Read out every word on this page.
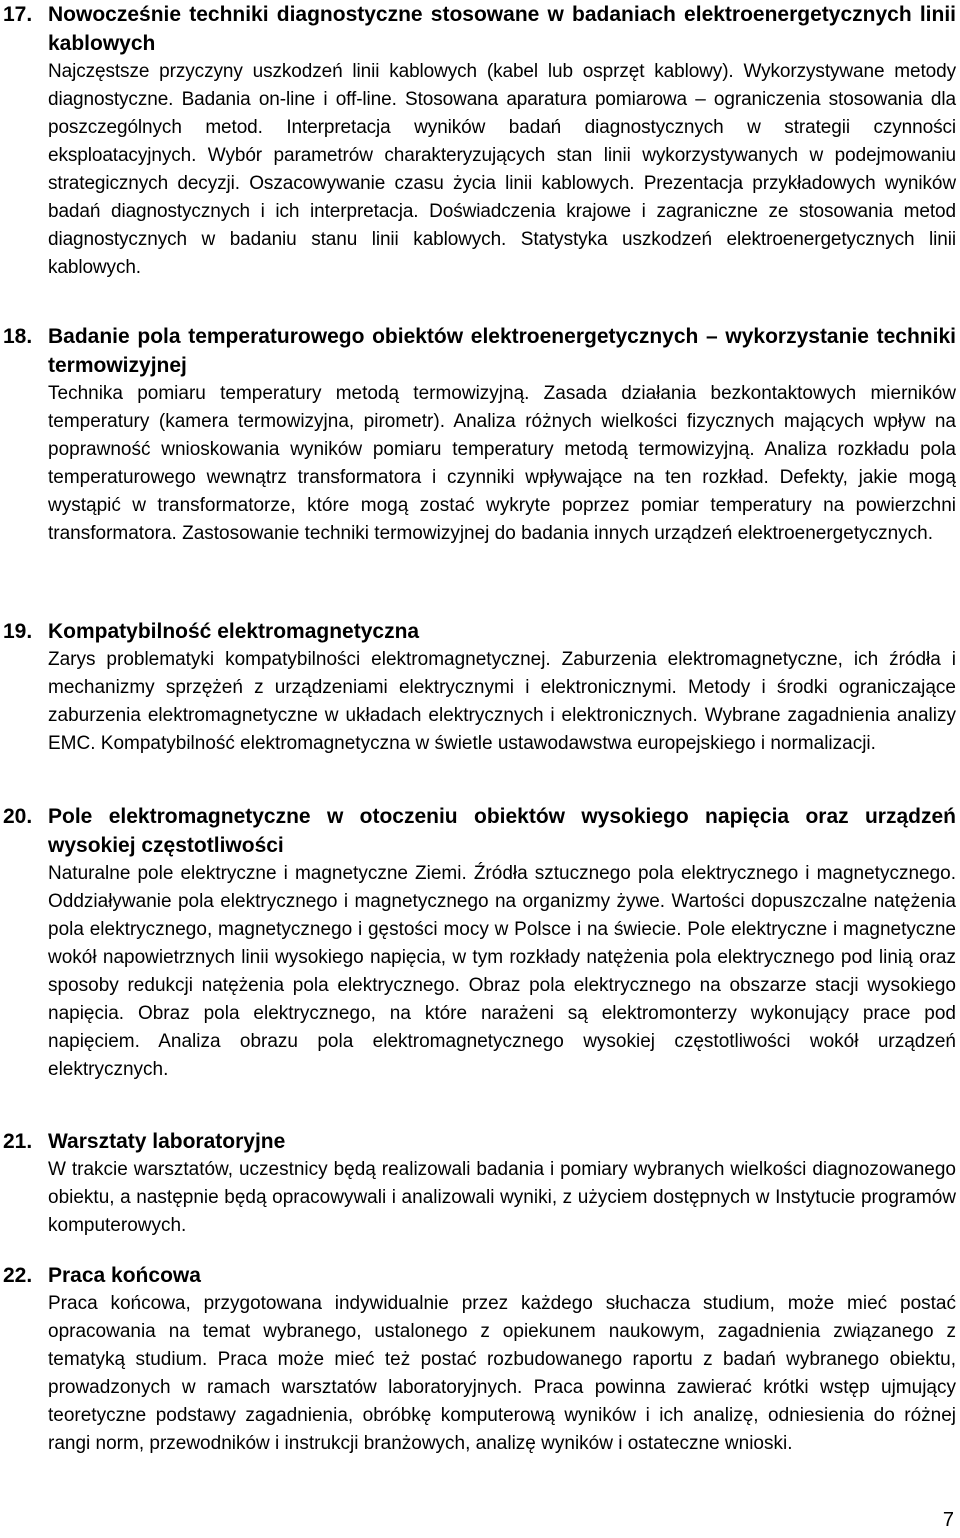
17. Nowocześnie techniki diagnostyczne stosowane w badaniach elektroenergetycznych linii kablowych
Najczęstsze przyczyny uszkodzeń linii kablowych (kabel lub osprzęt kablowy). Wykorzystywane metody diagnostyczne. Badania on-line i off-line. Stosowana aparatura pomiarowa – ograniczenia stosowania dla poszczególnych metod. Interpretacja wyników badań diagnostycznych w strategii czynności eksploatacyjnych. Wybór parametrów charakteryzujących stan linii wykorzystywanych w podejmowaniu strategicznych decyzji. Oszacowywanie czasu życia linii kablowych. Prezentacja przykładowych wyników badań diagnostycznych i ich interpretacja. Doświadczenia krajowe i zagraniczne ze stosowania metod diagnostycznych w badaniu stanu linii kablowych. Statystyka uszkodzeń elektroenergetycznych linii kablowych.
18. Badanie pola temperaturowego obiektów elektroenergetycznych – wykorzystanie techniki termowizyjnej
Technika pomiaru temperatury metodą termowizyjną. Zasada działania bezkontaktowych mierników temperatury (kamera termowizyjna, pirometr). Analiza różnych wielkości fizycznych mających wpływ na poprawność wnioskowania wyników pomiaru temperatury metodą termowizyjną. Analiza rozkładu pola temperaturowego wewnątrz transformatora i czynniki wpływające na ten rozkład. Defekty, jakie mogą wystąpić w transformatorze, które mogą zostać wykryte poprzez pomiar temperatury na powierzchni transformatora. Zastosowanie techniki termowizyjnej do badania innych urządzeń elektroenergetycznych.
19. Kompatybilność elektromagnetyczna
Zarys problematyki kompatybilności elektromagnetycznej. Zaburzenia elektromagnetyczne, ich źródła i mechanizmy sprzężeń z urządzeniami elektrycznymi i elektronicznymi. Metody i środki ograniczające zaburzenia elektromagnetyczne w układach elektrycznych i elektronicznych. Wybrane zagadnienia analizy EMC. Kompatybilność elektromagnetyczna w świetle ustawodawstwa europejskiego i normalizacji.
20. Pole elektromagnetyczne w otoczeniu obiektów wysokiego napięcia oraz urządzeń wysokiej częstotliwości
Naturalne pole elektryczne i magnetyczne Ziemi. Źródła sztucznego pola elektrycznego i magnetycznego. Oddziaływanie pola elektrycznego i magnetycznego na organizmy żywe. Wartości dopuszczalne natężenia pola elektrycznego, magnetycznego i gęstości mocy w Polsce i na świecie. Pole elektryczne i magnetyczne wokół napowietrznych linii wysokiego napięcia, w tym rozkłady natężenia pola elektrycznego pod linią oraz sposoby redukcji natężenia pola elektrycznego. Obraz pola elektrycznego na obszarze stacji wysokiego napięcia. Obraz pola elektrycznego, na które narażeni są elektromonterzy wykonujący prace pod napięciem. Analiza obrazu pola elektromagnetycznego wysokiej częstotliwości wokół urządzeń elektrycznych.
21. Warsztaty laboratoryjne
W trakcie warsztatów, uczestnicy będą realizowali badania i pomiary wybranych wielkości diagnozowanego obiektu, a następnie będą opracowywali i analizowali wyniki, z użyciem dostępnych w Instytucie programów komputerowych.
22. Praca końcowa
Praca końcowa, przygotowana indywidualnie przez każdego słuchacza studium, może mieć postać opracowania na temat wybranego, ustalonego z opiekunem naukowym, zagadnienia związanego z tematyką studium. Praca może mieć też postać rozbudowanego raportu z badań wybranego obiektu, prowadzonych w ramach warsztatów laboratoryjnych. Praca powinna zawierać krótki wstęp ujmujący teoretyczne podstawy zagadnienia, obróbkę komputerową wyników i ich analizę, odniesienia do różnej rangi norm, przewodników i instrukcji branżowych, analizę wyników i ostateczne wnioski.
7
